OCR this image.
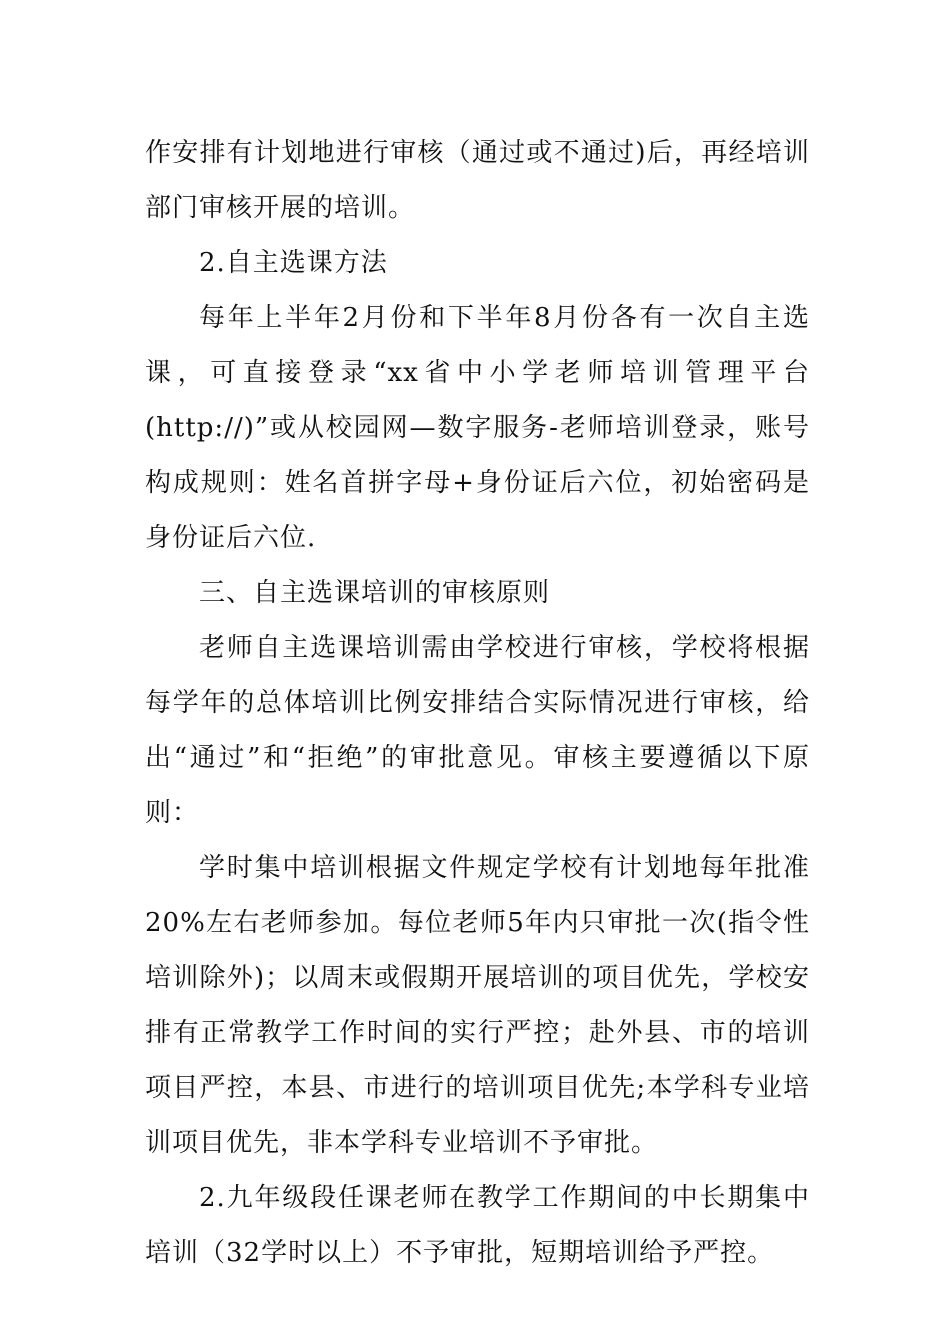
作安排有计划地进行审核（通过或不通过)后，再经培训部门审核开展的培训。

2.自主选课方法

每年上半年2月份和下半年8月份各有一次自主选课，可直接登录“xx省中小学老师培训管理平台(http://)”或从校园网—数字服务-老师培训登录，账号构成规则：姓名首拼字母+身份证后六位，初始密码是身份证后六位.

三、自主选课培训的审核原则

老师自主选课培训需由学校进行审核，学校将根据每学年的总体培训比例安排结合实际情况进行审核，给出“通过”和“拒绝”的审批意见。审核主要遵循以下原则：

学时集中培训根据文件规定学校有计划地每年批准20%左右老师参加。每位老师5年内只审批一次(指令性培训除外)；以周末或假期开展培训的项目优先，学校安排有正常教学工作时间的实行严控；赴外县、市的培训项目严控，本县、市进行的培训项目优先;本学科专业培训项目优先，非本学科专业培训不予审批。

2.九年级段任课老师在教学工作期间的中长期集中培训（32学时以上）不予审批，短期培训给予严控。
